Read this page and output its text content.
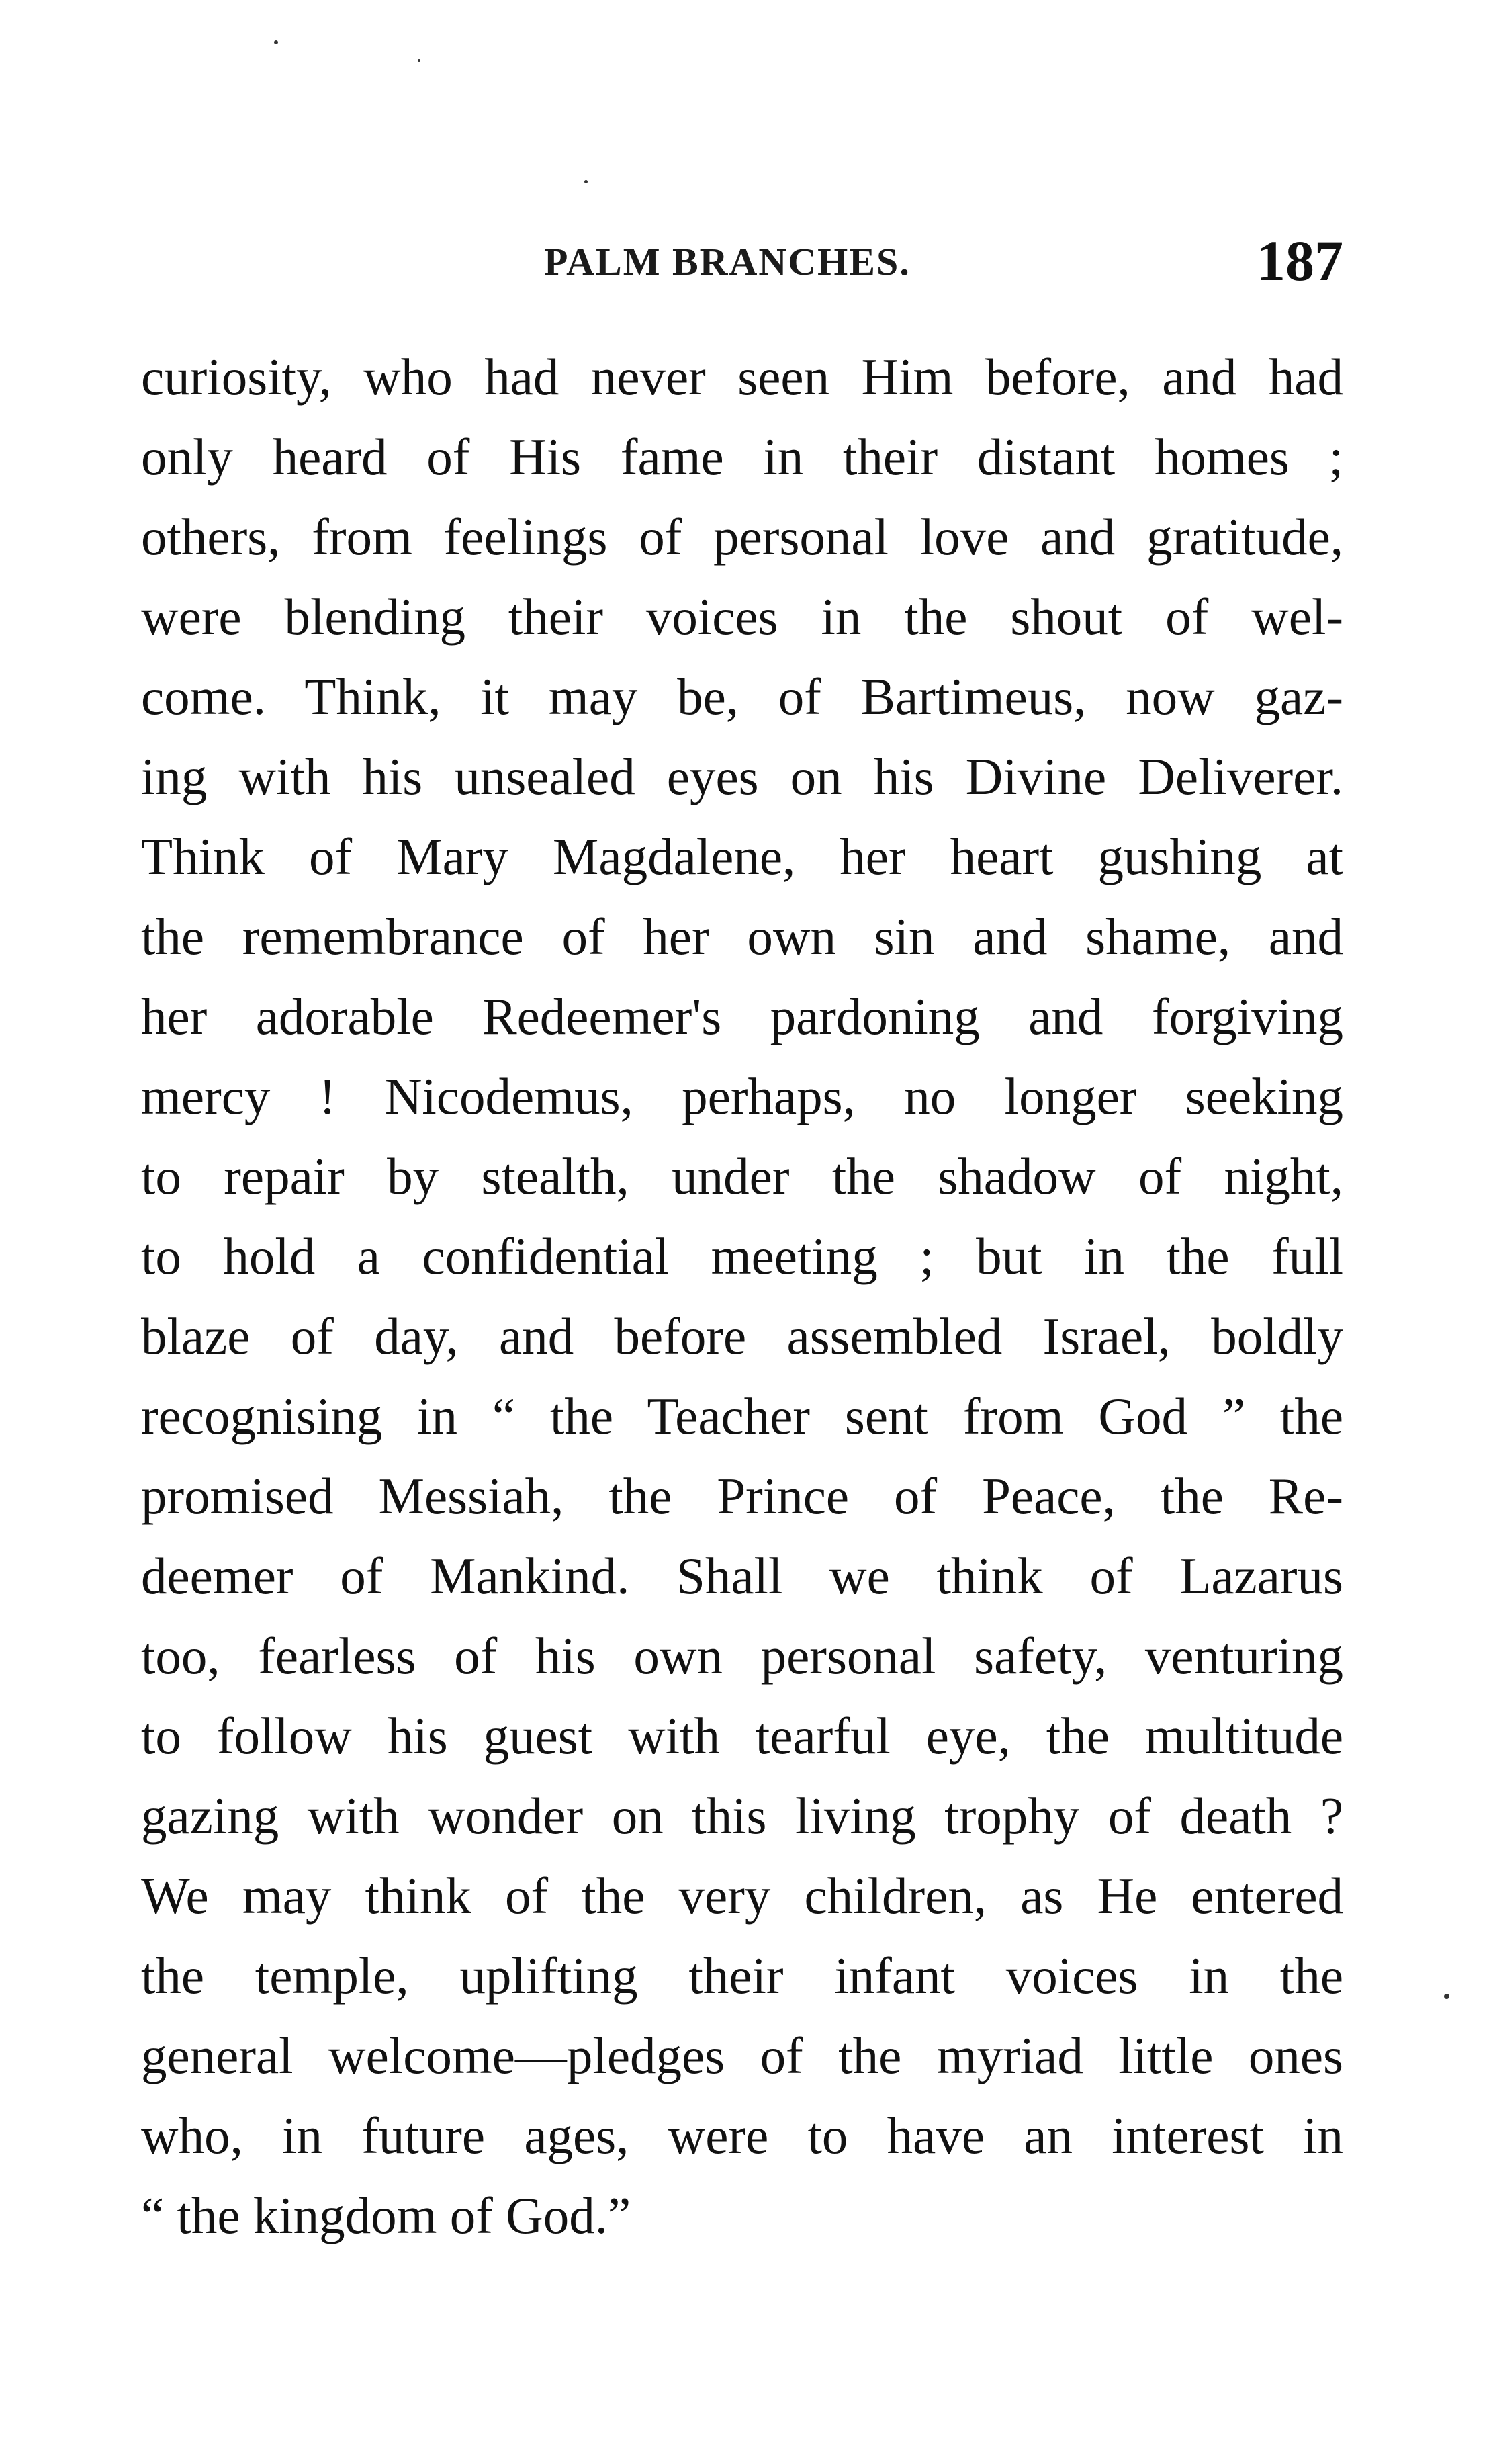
PALM BRANCHES.	187
curiosity, who had never seen Him before, and had
only heard of His fame in their distant homes ;
others, from feelings of personal love and gratitude,
were blending their voices in the shout of wel-
come. Think, it may be, of Bartimeus, now gaz-
ing with his unsealed eyes on his Divine Deliverer.
Think of Mary Magdalene, her heart gushing at
the remembrance of her own sin and shame, and
her adorable Redeemer's pardoning and forgiving
mercy ! Nicodemus, perhaps, no longer seeking
to repair by stealth, under the shadow of night,
to hold a confidential meeting ; but in the full
blaze of day, and before assembled Israel, boldly
recognising in “ the Teacher sent from God ” the
promised Messiah, the Prince of Peace, the Re-
deemer of Mankind. Shall we think of Lazarus
too, fearless of his own personal safety, venturing
to follow his guest with tearful eye, the multitude
gazing with wonder on this living trophy of death ?
We may think of the very children, as He entered
the temple, uplifting their infant voices in the
general welcome—pledges of the myriad little ones
who, in future ages, were to have an interest in
“ the kingdom of God.”
